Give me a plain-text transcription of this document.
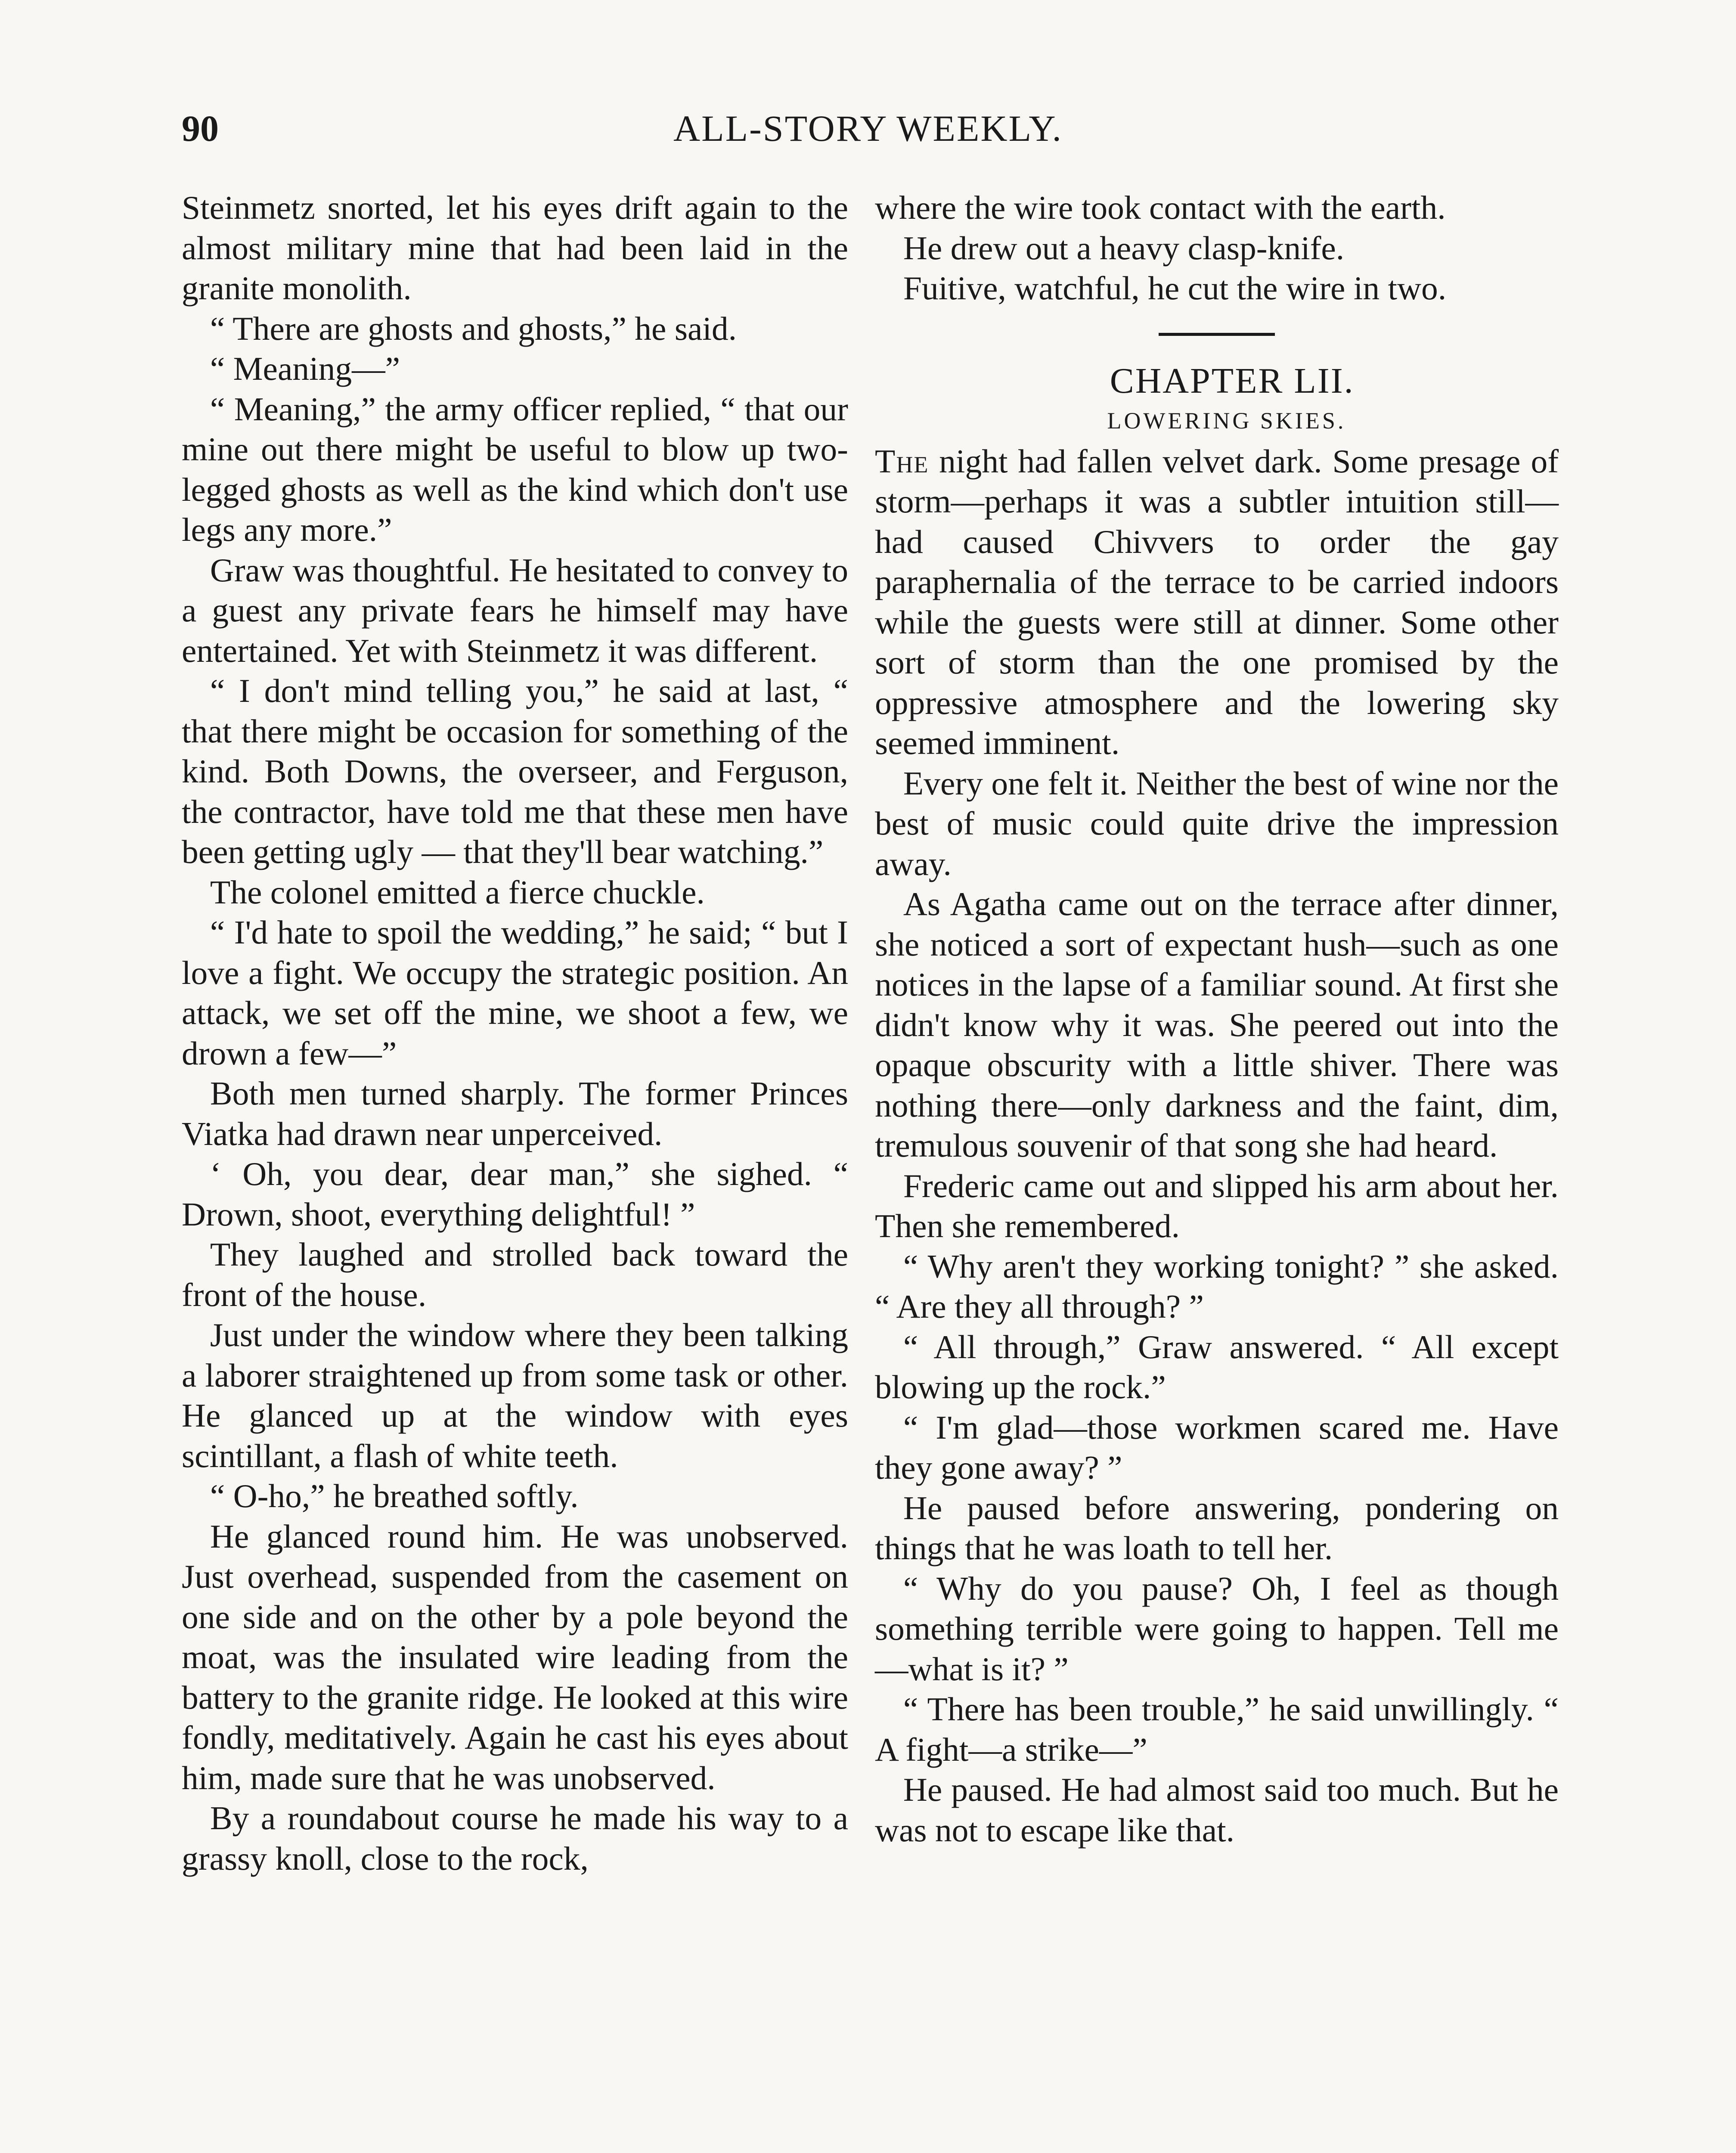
90	ALL-STORY WEEKLY.

Steinmetz snorted, let his eyes drift again to the almost military mine that had been laid in the granite monolith.

“ There are ghosts and ghosts,” he said.

“ Meaning—”

“ Meaning,” the army officer replied, “ that our mine out there might be useful to blow up two-legged ghosts as well as the kind which don't use legs any more.”

Graw was thoughtful. He hesitated to convey to a guest any private fears he himself may have entertained. Yet with Steinmetz it was different.

“ I don't mind telling you,” he said at last, “ that there might be occasion for something of the kind. Both Downs, the overseer, and Ferguson, the contractor, have told me that these men have been getting ugly — that they'll bear watching.”

The colonel emitted a fierce chuckle.

“ I'd hate to spoil the wedding,” he said; “ but I love a fight. We occupy the strategic position. An attack, we set off the mine, we shoot a few, we drown a few—”

Both men turned sharply. The former Princes Viatka had drawn near unperceived.

‘ Oh, you dear, dear man,” she sighed. “ Drown, shoot, everything delightful! ”

They laughed and strolled back toward the front of the house.

Just under the window where they been talking a laborer straightened up from some task or other. He glanced up at the window with eyes scintillant, a flash of white teeth.

“ O-ho,” he breathed softly.

He glanced round him. He was unobserved. Just overhead, suspended from the casement on one side and on the other by a pole beyond the moat, was the insulated wire leading from the battery to the granite ridge. He looked at this wire fondly, meditatively. Again he cast his eyes about him, made sure that he was unobserved.

By a roundabout course he made his way to a grassy knoll, close to the rock,

where the wire took contact with the earth.

He drew out a heavy clasp-knife.

Fuitive, watchful, he cut the wire in two.

CHAPTER LII.

LOWERING SKIES.

The night had fallen velvet dark. Some presage of storm—perhaps it was a subtler intuition still—had caused Chivvers to order the gay paraphernalia of the terrace to be carried indoors while the guests were still at dinner. Some other sort of storm than the one promised by the oppressive atmosphere and the lowering sky seemed imminent.

Every one felt it. Neither the best of wine nor the best of music could quite drive the impression away.

As Agatha came out on the terrace after dinner, she noticed a sort of expectant hush—such as one notices in the lapse of a familiar sound. At first she didn't know why it was. She peered out into the opaque obscurity with a little shiver. There was nothing there—only darkness and the faint, dim, tremulous souvenir of that song she had heard.

Frederic came out and slipped his arm about her. Then she remembered.

“ Why aren't they working tonight? ” she asked. “ Are they all through? ”

“ All through,” Graw answered. “ All except blowing up the rock.”

“ I'm glad—those workmen scared me. Have they gone away? ”

He paused before answering, pondering on things that he was loath to tell her.

“ Why do you pause? Oh, I feel as though something terrible were going to happen. Tell me—what is it? ”

“ There has been trouble,” he said unwillingly. “ A fight—a strike—”

He paused. He had almost said too much. But he was not to escape like that.
